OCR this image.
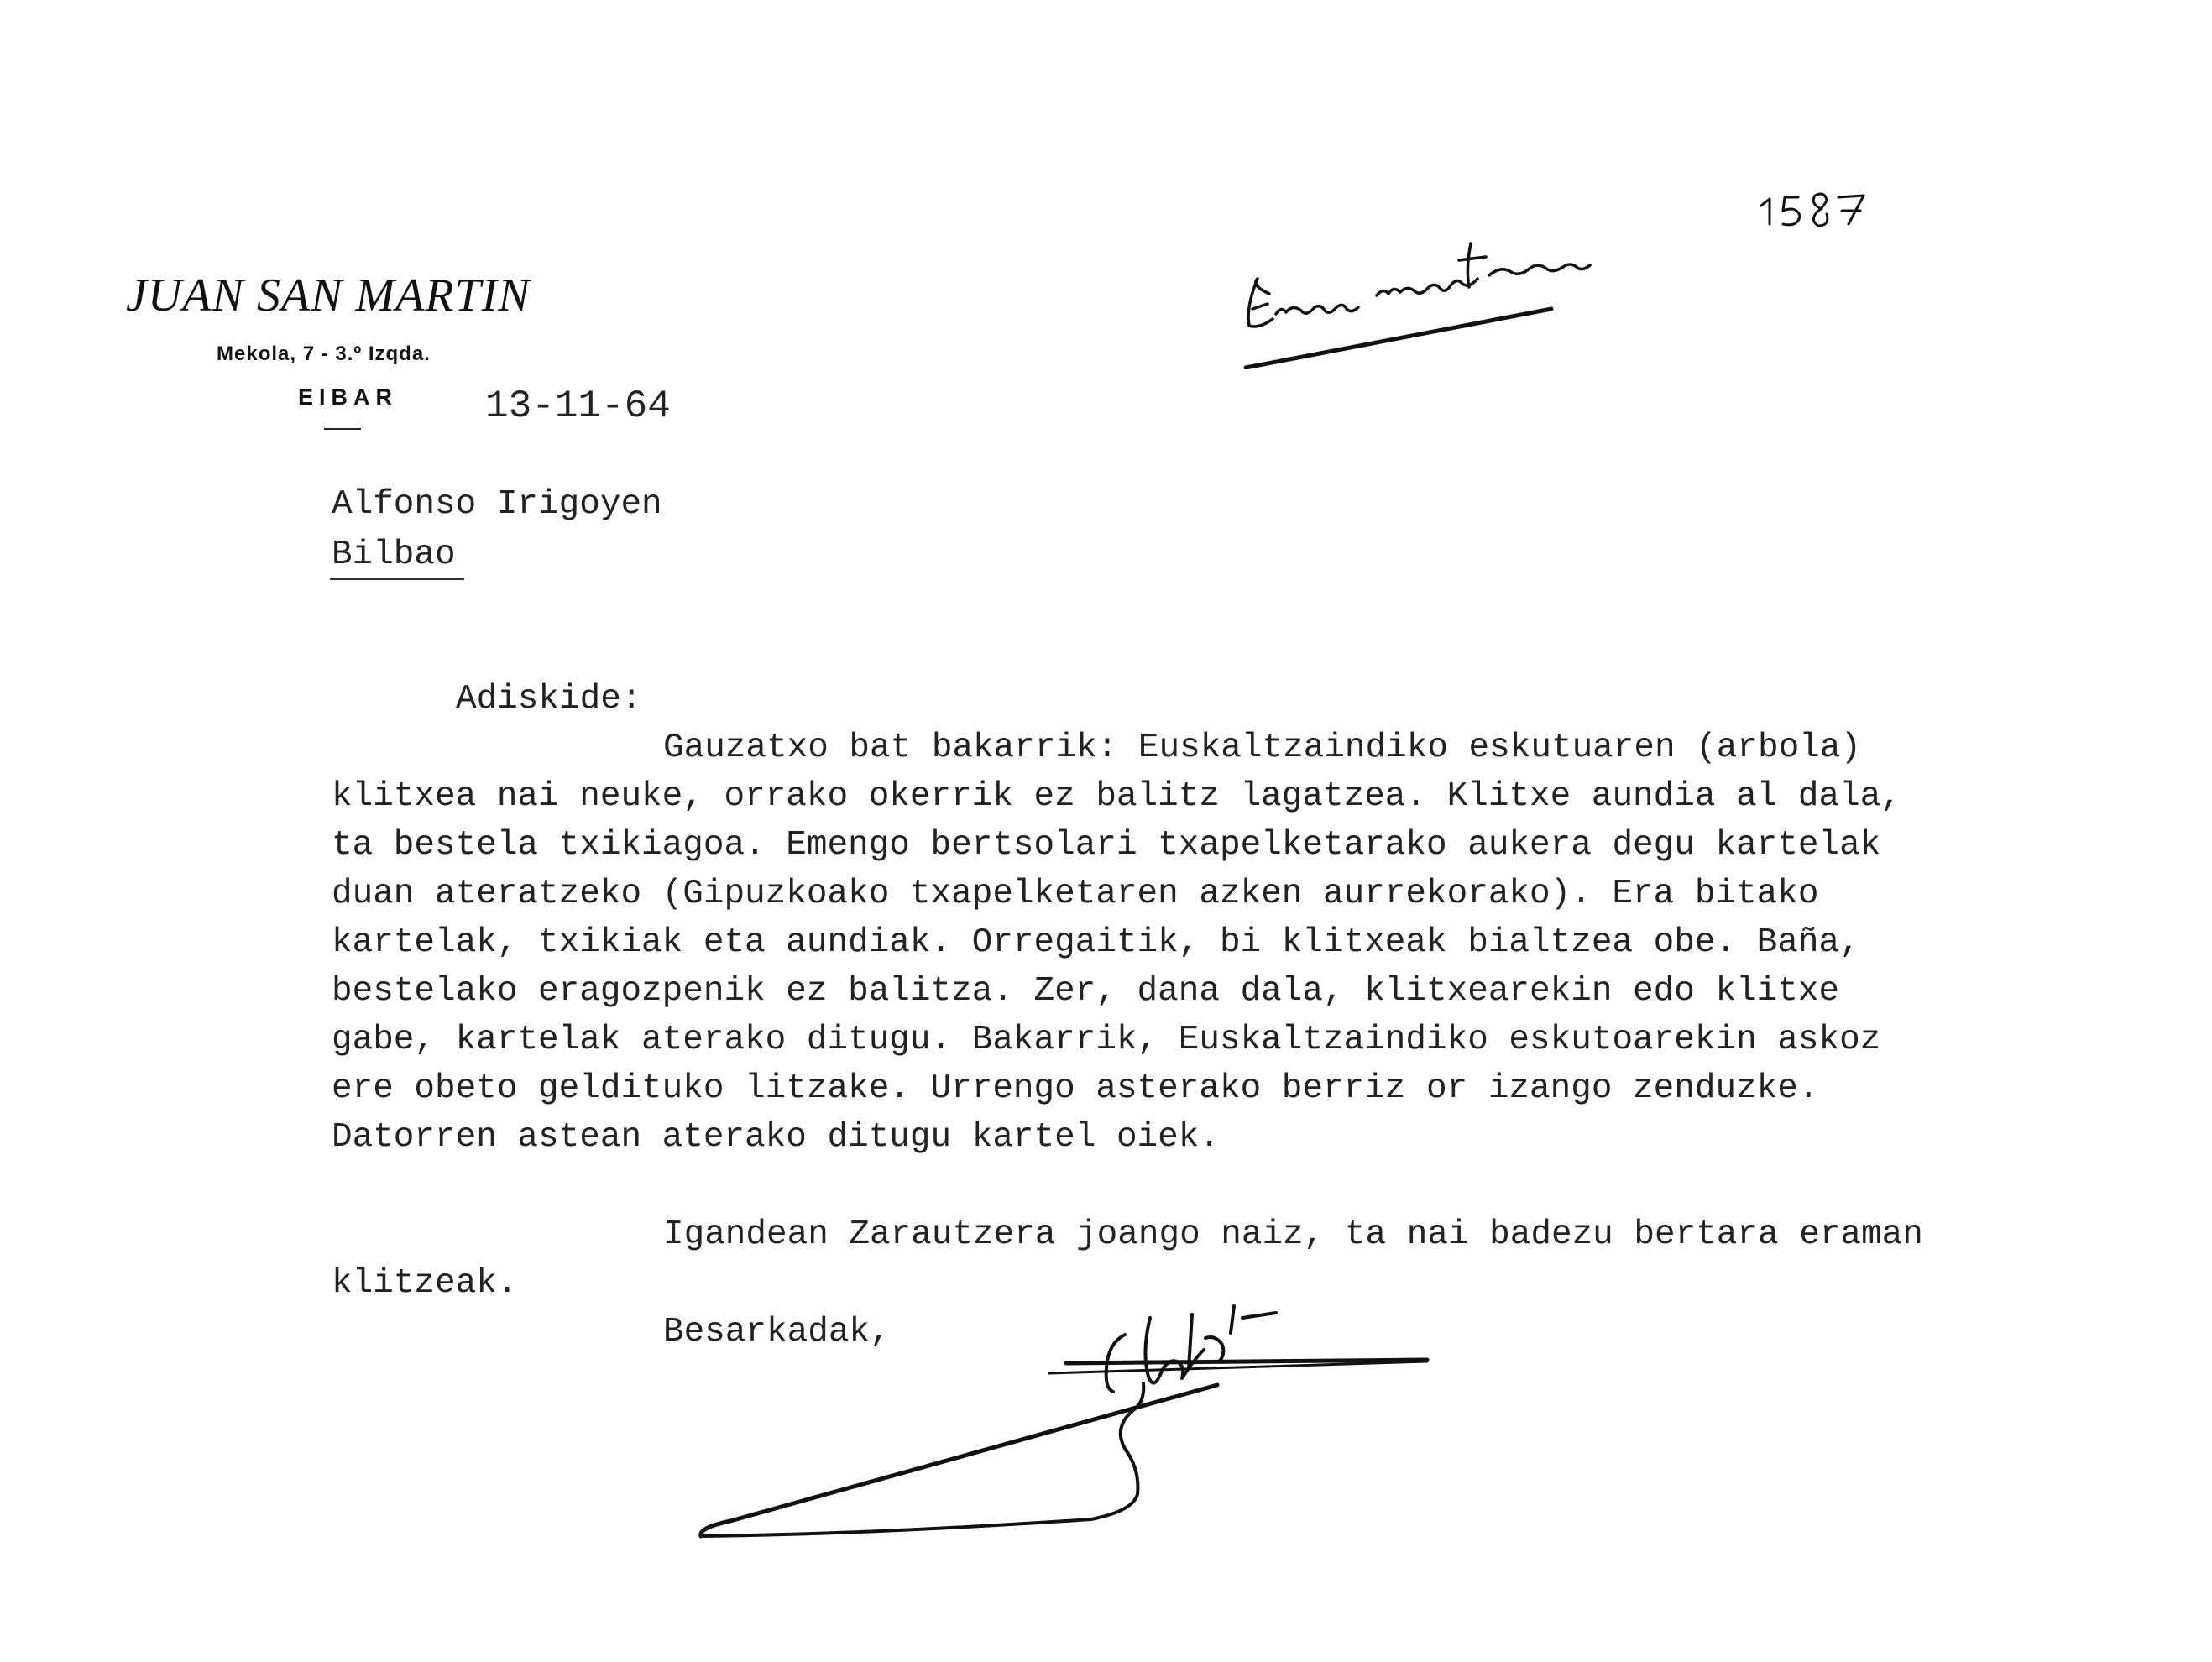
JUAN SAN MARTIN

Mekola, 7 - 3.º Izqda.

EIBAR 13-11-64

Alfonso Irigoyen

Bilbao

Adiskide:

Gauzatxo bat bakarrik: Euskaltzaindiko eskutuaren (arbola)

klitxea nai neuke, orrako okerrik ez balitz lagatzea. Klitxe aundia al dala,

ta bestela txikiagoa. Emengo bertsolari txapelketarako aukera degu kartelak

duan ateratzeko (Gipuzkoako txapelketaren azken aurrekorako). Era bitako

kartelak, txikiak eta aundiak. Orregaitik, bi klitxeak bialtzea obe. Baña,

bestelako eragozpenik ez balitza. Zer, dana dala, klitxearekin edo klitxe

gabe, kartelak aterako ditugu. Bakarrik, Euskaltzaindiko eskutoarekin askoz

ere obeto geldituko litzake. Urrengo asterako berriz or izango zenduzke.

Datorren astean aterako ditugu kartel oiek.

Igandean Zarautzera joango naiz, ta nai badezu bertara eraman

klitzeak.

Besarkadak,
